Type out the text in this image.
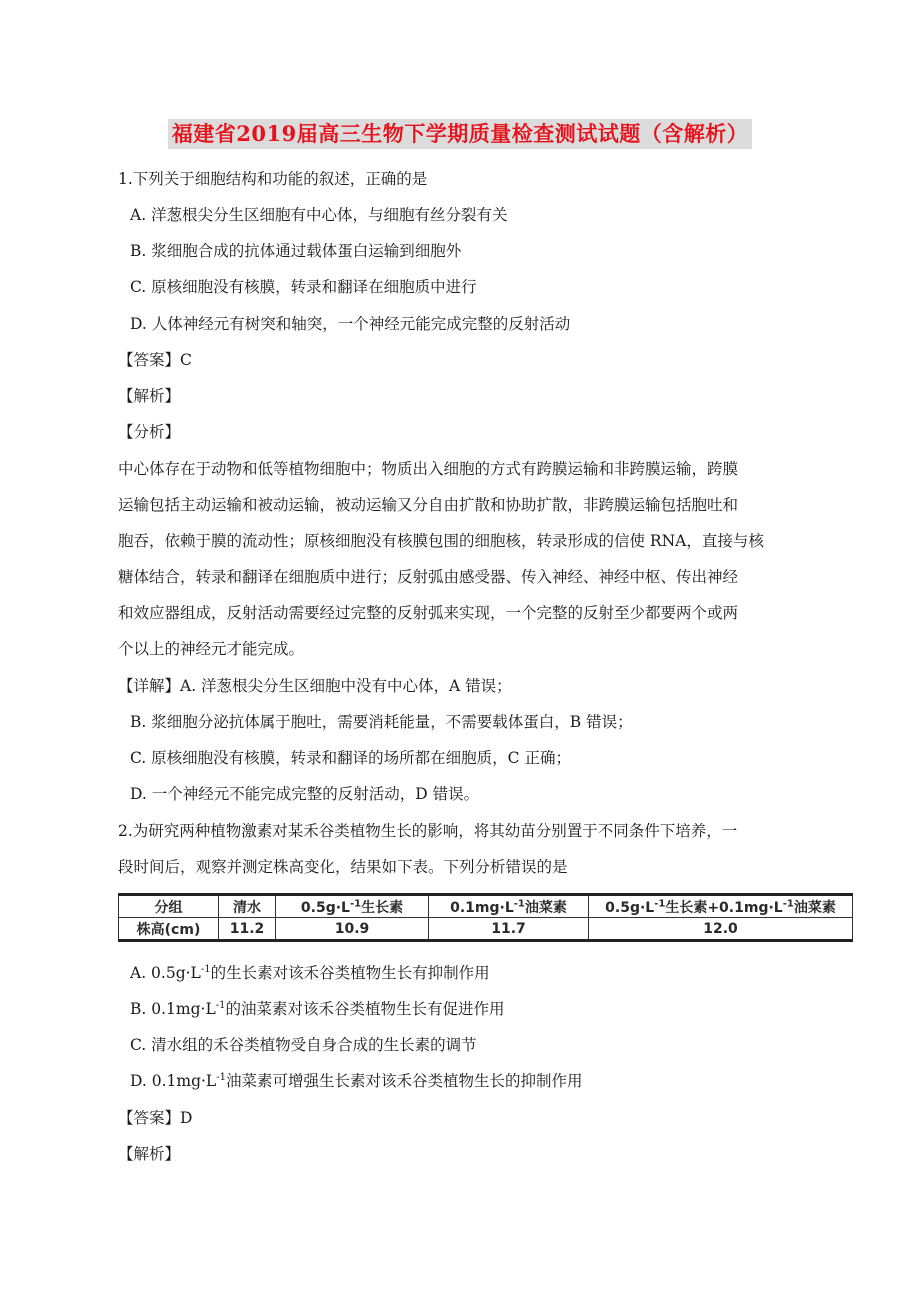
福建省2019届高三生物下学期质量检查测试试题（含解析）
1.下列关于细胞结构和功能的叙述，正确的是
A. 洋葱根尖分生区细胞有中心体，与细胞有丝分裂有关
B. 浆细胞合成的抗体通过载体蛋白运输到细胞外
C. 原核细胞没有核膜，转录和翻译在细胞质中进行
D. 人体神经元有树突和轴突，一个神经元能完成完整的反射活动
【答案】C
【解析】
【分析】
中心体存在于动物和低等植物细胞中；物质出入细胞的方式有跨膜运输和非跨膜运输，跨膜
运输包括主动运输和被动运输，被动运输又分自由扩散和协助扩散，非跨膜运输包括胞吐和
胞吞，依赖于膜的流动性；原核细胞没有核膜包围的细胞核，转录形成的信使 RNA，直接与核
糖体结合，转录和翻译在细胞质中进行；反射弧由感受器、传入神经、神经中枢、传出神经
和效应器组成，反射活动需要经过完整的反射弧来实现，一个完整的反射至少都要两个或两
个以上的神经元才能完成。
【详解】A. 洋葱根尖分生区细胞中没有中心体，A 错误；
B. 浆细胞分泌抗体属于胞吐，需要消耗能量，不需要载体蛋白，B 错误；
C. 原核细胞没有核膜，转录和翻译的场所都在细胞质，C 正确；
D. 一个神经元不能完成完整的反射活动，D 错误。
2.为研究两种植物激素对某禾谷类植物生长的影响，将其幼苗分别置于不同条件下培养，一
段时间后，观察并测定株高变化，结果如下表。下列分析错误的是
分组	清水	$0.5g\cdot L^{-1}$生长素	$0.1mg\cdot L^{-1}$油菜素	$0.5g\cdot L^{-1}$生长素$+0.1mg\cdot L^{-1}$油菜素
株高(cm)	11.2	10.9	11.7	12.0
A. $0.5g\cdot L^{-1}$的生长素对该禾谷类植物生长有抑制作用
B. $0.1mg\cdot L^{-1}$的油菜素对该禾谷类植物生长有促进作用
C. 清水组的禾谷类植物受自身合成的生长素的调节
D. $0.1mg\cdot L^{-1}$油菜素可增强生长素对该禾谷类植物生长的抑制作用
【答案】D
【解析】
